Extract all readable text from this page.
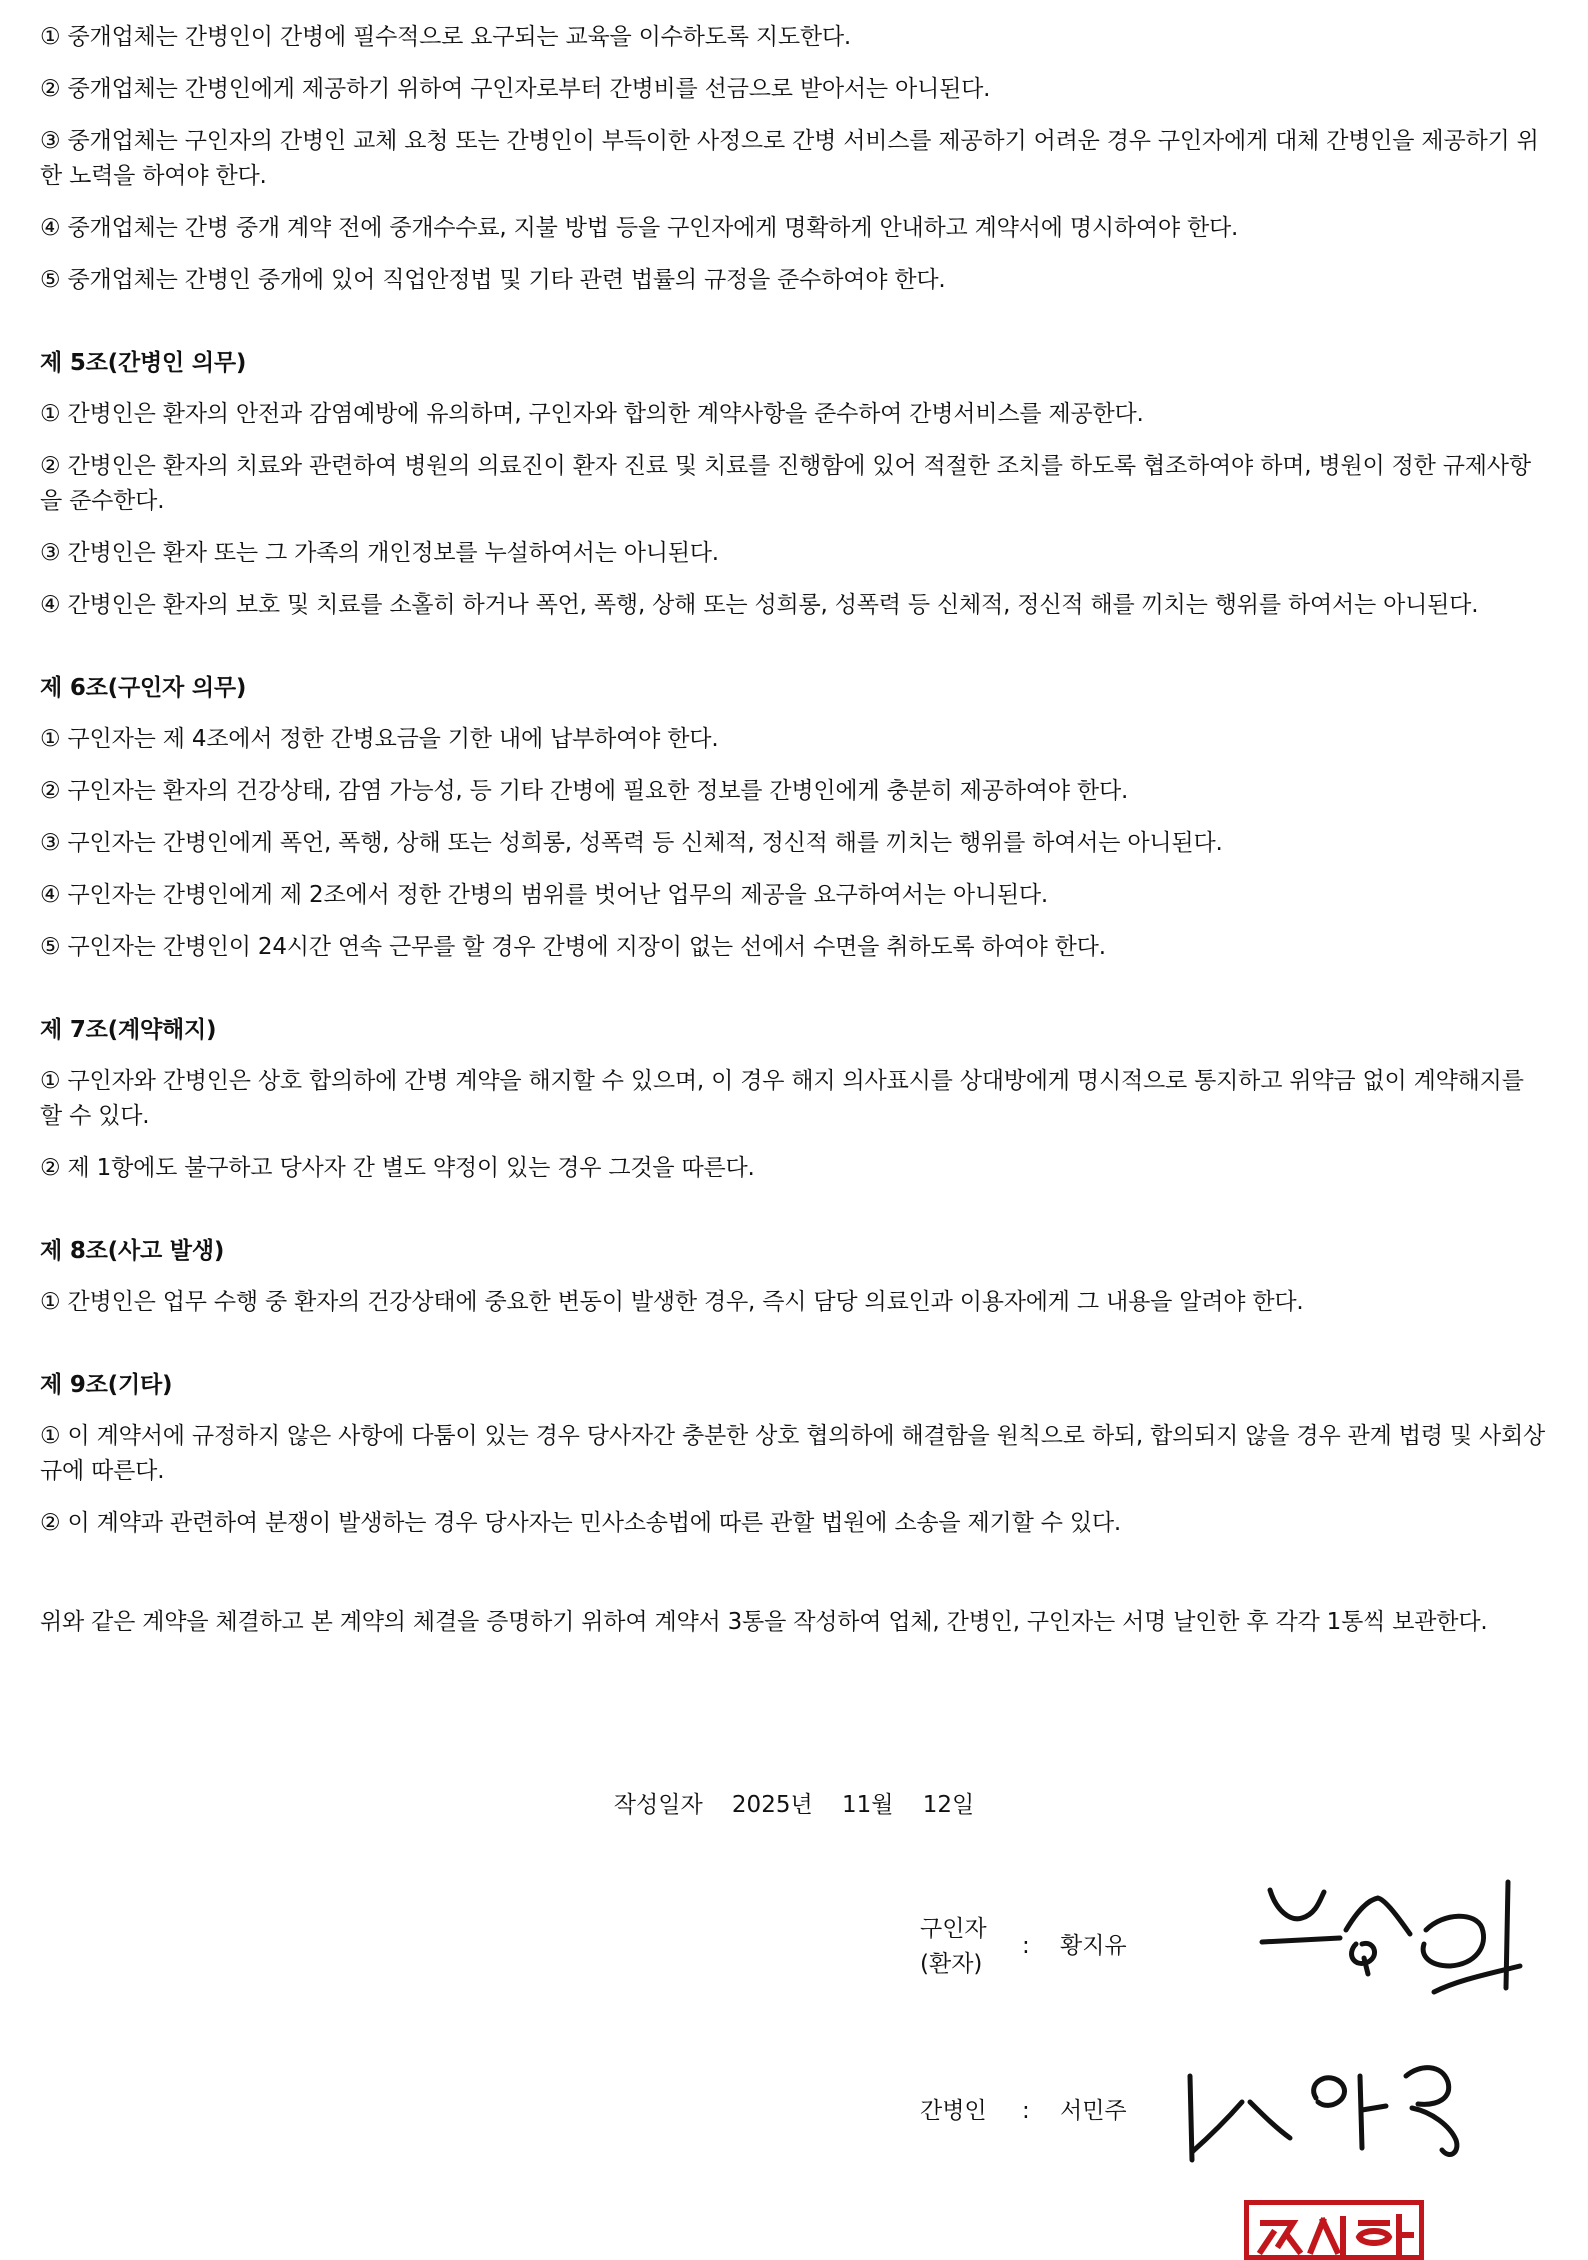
① 중개업체는 간병인이 간병에 필수적으로 요구되는 교육을 이수하도록 지도한다.

② 중개업체는 간병인에게 제공하기 위하여 구인자로부터 간병비를 선금으로 받아서는 아니된다.

③ 중개업체는 구인자의 간병인 교체 요청 또는 간병인이 부득이한 사정으로 간병 서비스를 제공하기 어려운 경우 구인자에게 대체 간병인을 제공하기 위한 노력을 하여야 한다.

④ 중개업체는 간병 중개 계약 전에 중개수수료, 지불 방법 등을 구인자에게 명확하게 안내하고 계약서에 명시하여야 한다.

⑤ 중개업체는 간병인 중개에 있어 직업안정법 및 기타 관련 법률의 규정을 준수하여야 한다.

제 5조(간병인 의무)

① 간병인은 환자의 안전과 감염예방에 유의하며, 구인자와 합의한 계약사항을 준수하여 간병서비스를 제공한다.

② 간병인은 환자의 치료와 관련하여 병원의 의료진이 환자 진료 및 치료를 진행함에 있어 적절한 조치를 하도록 협조하여야 하며, 병원이 정한 규제사항을 준수한다.

③ 간병인은 환자 또는 그 가족의 개인정보를 누설하여서는 아니된다.

④ 간병인은 환자의 보호 및 치료를 소홀히 하거나 폭언, 폭행, 상해 또는 성희롱, 성폭력 등 신체적, 정신적 해를 끼치는 행위를 하여서는 아니된다.

제 6조(구인자 의무)

① 구인자는 제 4조에서 정한 간병요금을 기한 내에 납부하여야 한다.

② 구인자는 환자의 건강상태, 감염 가능성, 등 기타 간병에 필요한 정보를 간병인에게 충분히 제공하여야 한다.

③ 구인자는 간병인에게 폭언, 폭행, 상해 또는 성희롱, 성폭력 등 신체적, 정신적 해를 끼치는 행위를 하여서는 아니된다.

④ 구인자는 간병인에게 제 2조에서 정한 간병의 범위를 벗어난 업무의 제공을 요구하여서는 아니된다.

⑤ 구인자는 간병인이 24시간 연속 근무를 할 경우 간병에 지장이 없는 선에서 수면을 취하도록 하여야 한다.

제 7조(계약해지)

① 구인자와 간병인은 상호 합의하에 간병 계약을 해지할 수 있으며, 이 경우 해지 의사표시를 상대방에게 명시적으로 통지하고 위약금 없이 계약해지를 할 수 있다.

② 제 1항에도 불구하고 당사자 간 별도 약정이 있는 경우 그것을 따른다.

제 8조(사고 발생)

① 간병인은 업무 수행 중 환자의 건강상태에 중요한 변동이 발생한 경우, 즉시 담당 의료인과 이용자에게 그 내용을 알려야 한다.

제 9조(기타)

① 이 계약서에 규정하지 않은 사항에 다툼이 있는 경우 당사자간 충분한 상호 협의하에 해결함을 원칙으로 하되, 합의되지 않을 경우 관계 법령 및 사회상규에 따른다.

② 이 계약과 관련하여 분쟁이 발생하는 경우 당사자는 민사소송법에 따른 관할 법원에 소송을 제기할 수 있다.

위와 같은 계약을 체결하고 본 계약의 체결을 증명하기 위하여 계약서 3통을 작성하여 업체, 간병인, 구인자는 서명 날인한 후 각각 1통씩 보관한다.

작성일자 2025년 11월 12일
구인자
(환자)
: 황지유
간병인 : 서민주
